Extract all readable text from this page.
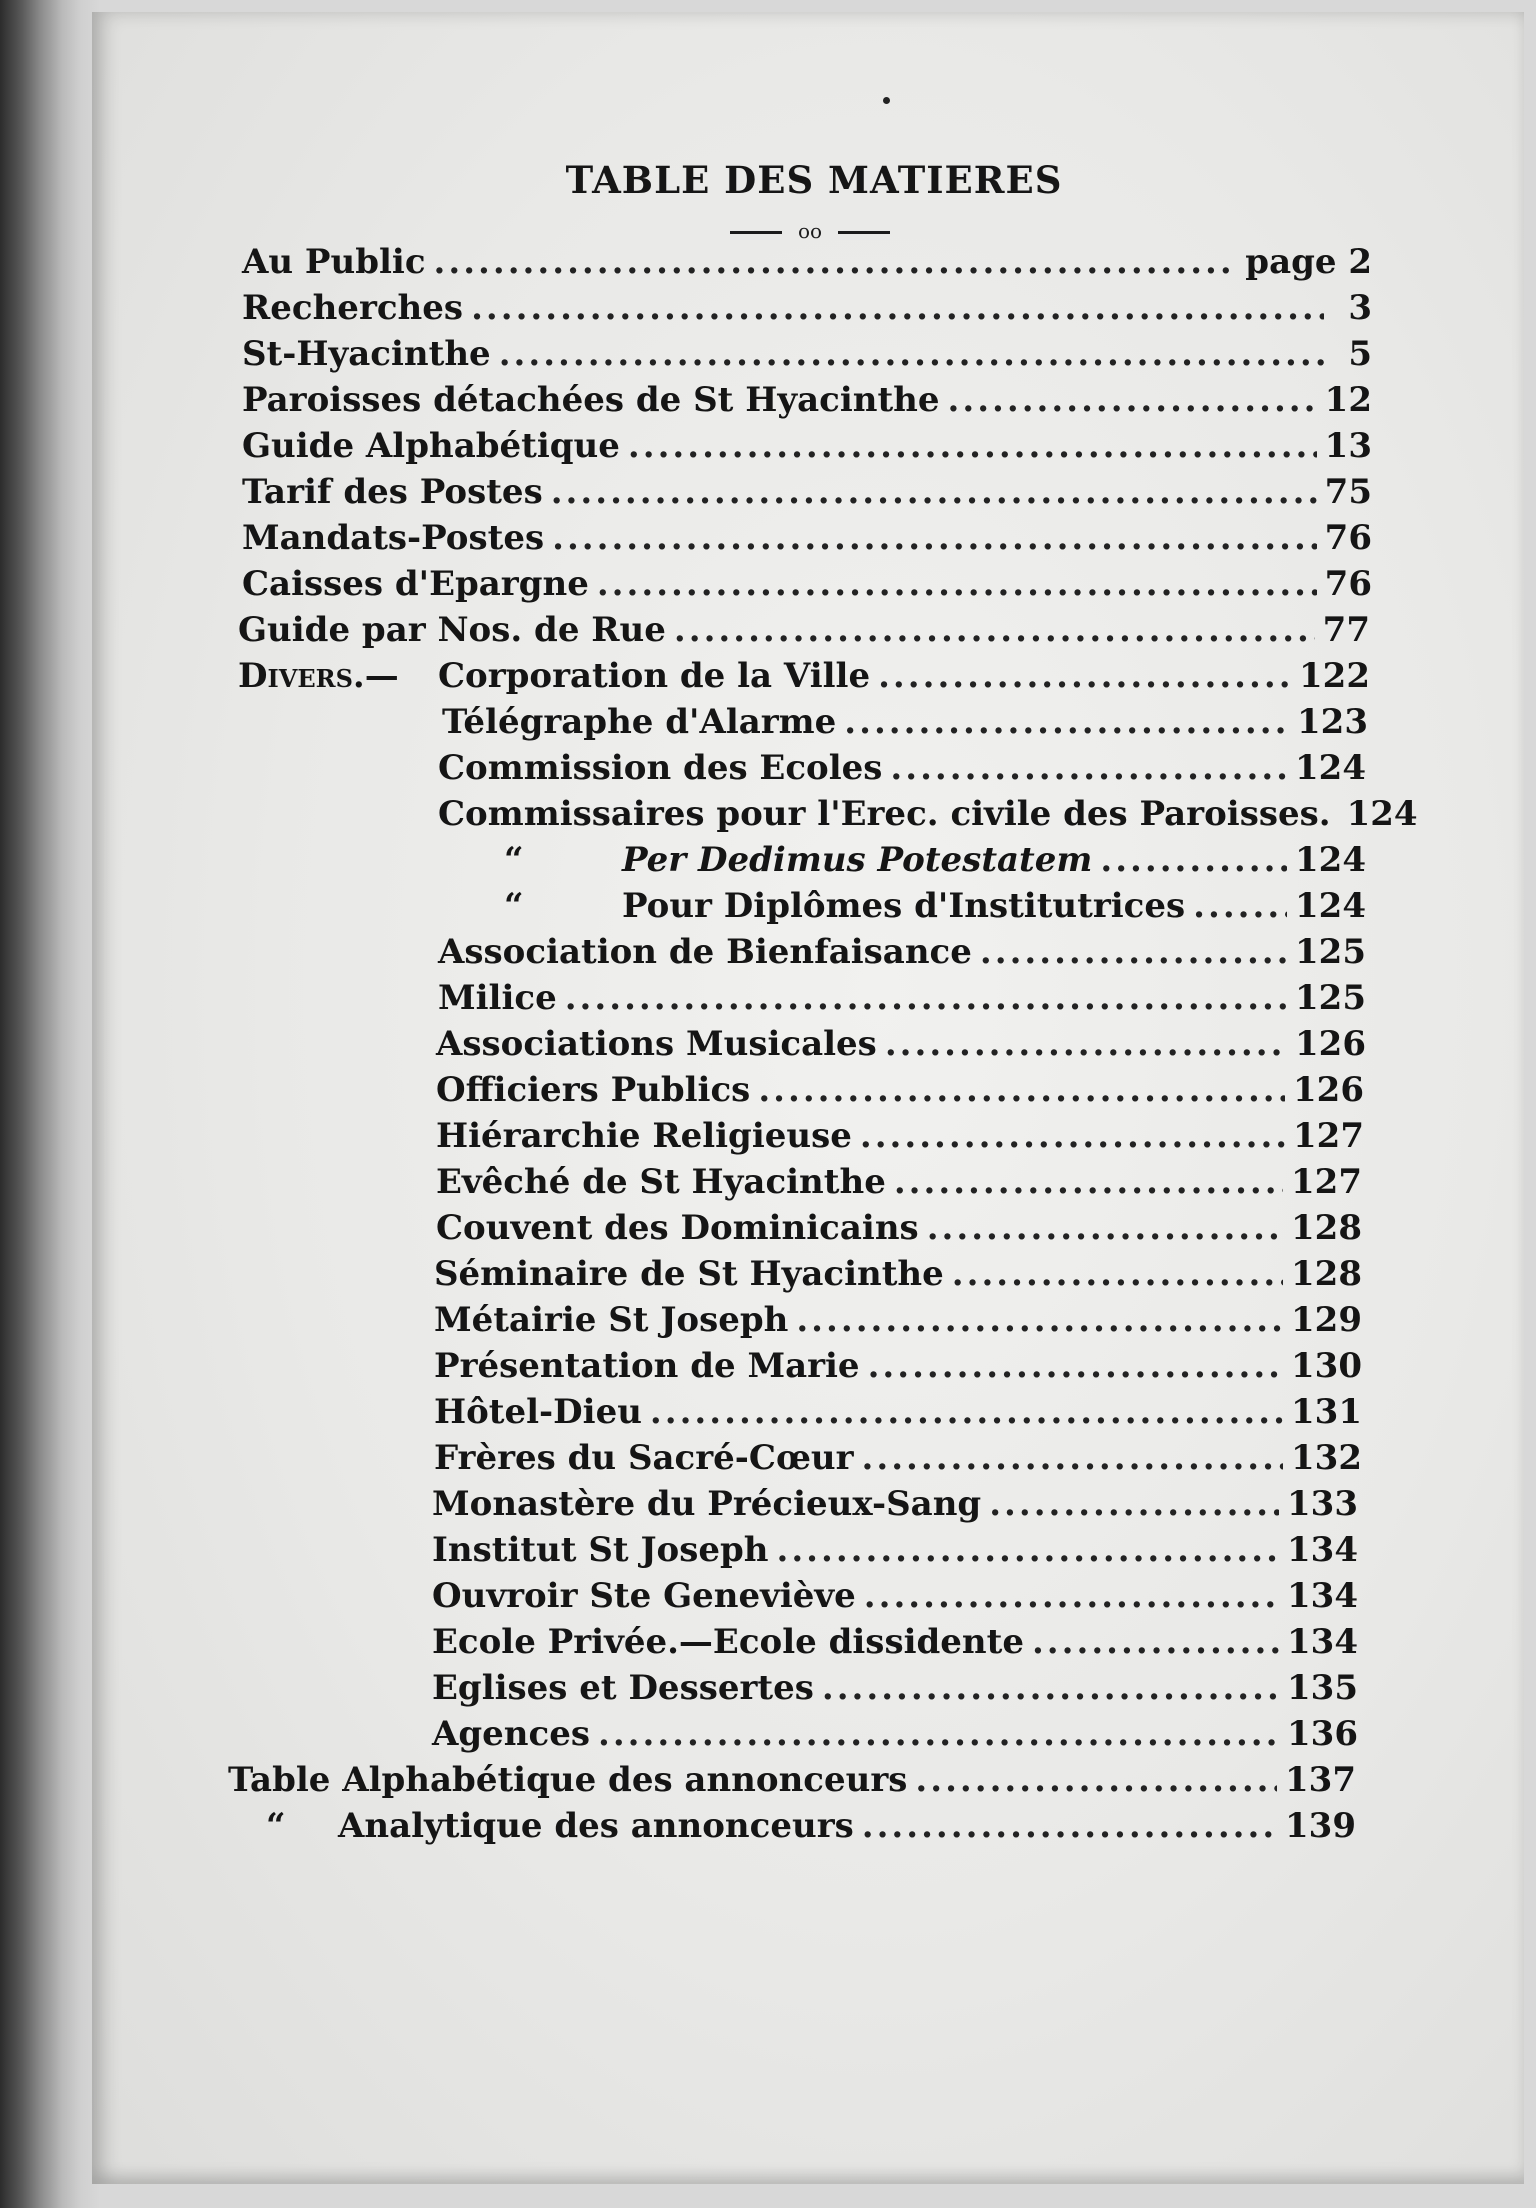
TABLE DES MATIERES
oo
Au Public .....	page 2
Recherches .....	3
St-Hyacinthe .....	5
Paroisses détachées de St Hyacinthe .....	12
Guide Alphabétique .....	13
Tarif des Postes .....	75
Mandats-Postes .....	76
Caisses d'Epargne .....	76
Guide par Nos. de Rue .....	77
Divers.—	Corporation de la Ville .....	122
Télégraphe d'Alarme .....	123
Commission des Ecoles .....	124
Commissaires pour l'Erec. civile des Paroisses. 124
“	Per Dedimus Potestatem .....	124
“	Pour Diplômes d'Institutrices .....	124
Association de Bienfaisance .....	125
Milice .....	125
Associations Musicales .....	126
Officiers Publics .....	126
Hiérarchie Religieuse .....	127
Evêché de St Hyacinthe .....	127
Couvent des Dominicains .....	128
Séminaire de St Hyacinthe .....	128
Métairie St Joseph .....	129
Présentation de Marie .....	130
Hôtel-Dieu .....	131
Frères du Sacré-Cœur .....	132
Monastère du Précieux-Sang .....	133
Institut St Joseph .....	134
Ouvroir Ste Geneviève .....	134
Ecole Privée.—Ecole dissidente .....	134
Eglises et Dessertes .....	135
Agences .....	136
Table Alphabétique des annonceurs .....	137
“	Analytique des annonceurs .....	139
